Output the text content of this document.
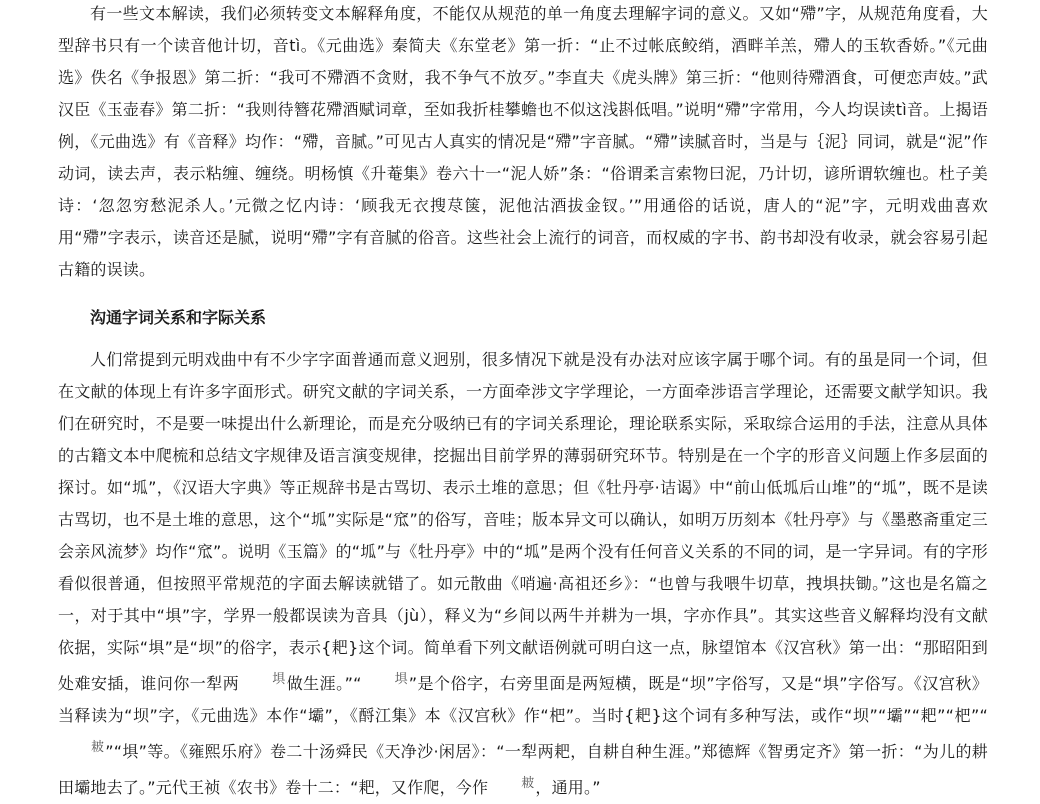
有一些文本解读，我们必须转变文本解释角度，不能仅从规范的单一角度去理解字词的意义。又如“殢”字，从规范角度看，大型辞书只有一个读音他计切，音tì。《元曲选》秦简夫《东堂老》第一折：“止不过帐底鲛绡，酒畔羊羔，殢人的玉软香娇。”《元曲选》佚名《争报恩》第二折：“我可不殢酒不贪财，我不争气不放歹。”李直夫《虎头牌》第三折：“他则待殢酒食，可便恋声妓。”武汉臣《玉壶春》第二折：“我则待簪花殢酒赋词章，至如我折桂攀蟾也不似这浅斟低唱。”说明“殢”字常用，今人均误读tì音。上揭语例，《元曲选》有《音释》均作：“殢，音腻。”可见古人真实的情况是“殢”字音腻。“殢”读腻音时，当是与｛泥｝同词，就是“泥”作动词，读去声，表示粘缠、缠绕。明杨慎《升菴集》卷六十一“泥人娇”条：“俗谓柔言索物曰泥，乃计切，谚所谓软缠也。杜子美诗：‘忽忽穷愁泥杀人。’元微之忆内诗：‘顾我无衣搜荩箧，泥他沽酒拔金钗。’”用通俗的话说，唐人的“泥”字，元明戏曲喜欢用“殢”字表示，读音还是腻，说明“殢”字有音腻的俗音。这些社会上流行的词音，而权威的字书、韵书却没有收录，就会容易引起古籍的误读。

沟通字词关系和字际关系

人们常提到元明戏曲中有不少字字面普通而意义迥别，很多情况下就是没有办法对应该字属于哪个词。有的虽是同一个词，但在文献的体现上有许多字面形式。研究文献的字词关系，一方面牵涉文字学理论，一方面牵涉语言学理论，还需要文献学知识。我们在研究时，不是要一味提出什么新理论，而是充分吸纳已有的字词关系理论，理论联系实际，采取综合运用的手法，注意从具体的古籍文本中爬梳和总结文字规律及语言演变规律，挖掘出目前学界的薄弱研究环节。特别是在一个字的形音义问题上作多层面的探讨。如“坬”，《汉语大字典》等正规辞书是古骂切、表示土堆的意思；但《牡丹亭·诘谒》中“前山低坬后山堆”的“坬”，既不是读古骂切，也不是土堆的意思，这个“坬”实际是“窊”的俗写，音哇；版本异文可以确认，如明万历刻本《牡丹亭》与《墨憨斋重定三会亲风流梦》均作“窊”。说明《玉篇》的“坬”与《牡丹亭》中的“坬”是两个没有任何音义关系的不同的词，是一字异词。有的字形看似很普通，但按照平常规范的字面去解读就错了。如元散曲《哨遍·高祖还乡》：“也曾与我喂牛切草，拽埧扶锄。”这也是名篇之一，对于其中“埧”字，学界一般都误读为音具（jù），释义为“乡间以两牛并耕为一埧，字亦作具”。其实这些音义解释均没有文献依据，实际“埧”是“坝”的俗字，表示{耙}这个词。简单看下列文献语例就可明白这一点，脉望馆本《汉宫秋》第一出：“那昭阳到处难安插，谁问你一犁两	埧做生涯。”“	埧”是个俗字，右旁里面是两短横，既是“坝”字俗写，又是“埧”字俗写。《汉宫秋》当释读为“坝”字，《元曲选》本作“壩”，《酹江集》本《汉宫秋》作“杷”。当时{耙}这个词有多种写法，或作“坝”“壩”“耙”“杷”“耚”“埧”等。《雍熙乐府》卷二十汤舜民《天净沙·闲居》：“一犁两耙，自耕自种生涯。”郑德辉《智勇定齐》第一折：“为儿的耕田壩地去了。”元代王祯《农书》卷十二：“耙，又作爬，今作	耚，通用。”
